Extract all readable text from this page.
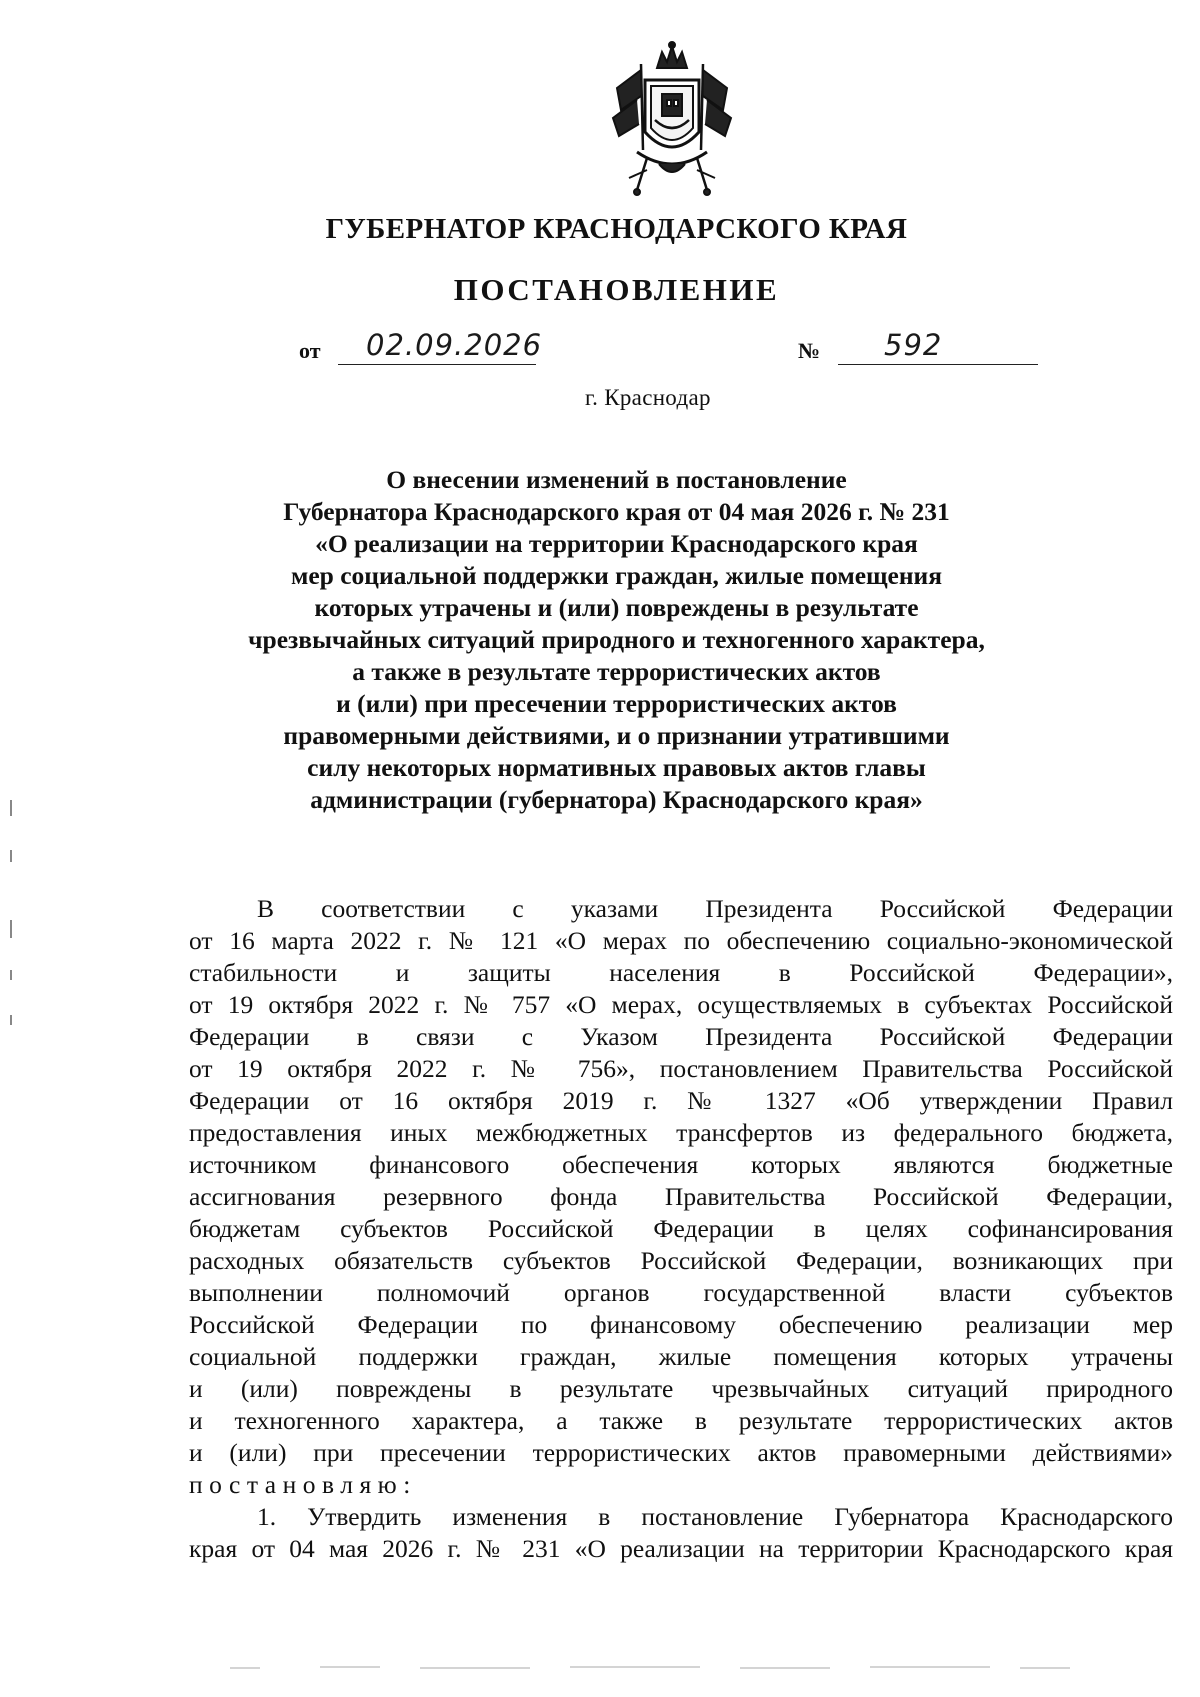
ГУБЕРНАТОР КРАСНОДАРСКОГО КРАЯ
ПОСТАНОВЛЕНИЕ
от 02.09.2026	№ 592
г. Краснодар
О внесении изменений в постановление
Губернатора Краснодарского края от 04 мая 2026 г. № 231
«О реализации на территории Краснодарского края
мер социальной поддержки граждан, жилые помещения
которых утрачены и (или) повреждены в результате
чрезвычайных ситуаций природного и техногенного характера,
а также в результате террористических актов
и (или) при пресечении террористических актов
правомерными действиями, и о признании утратившими
силу некоторых нормативных правовых актов главы
администрации (губернатора) Краснодарского края»
В соответствии с указами Президента Российской Федерации
от 16 марта 2022 г. № 121 «О мерах по обеспечению социально-экономической
стабильности и защиты населения в Российской Федерации»,
от 19 октября 2022 г. № 757 «О мерах, осуществляемых в субъектах Российской
Федерации в связи с Указом Президента Российской Федерации
от 19 октября 2022 г. № 756», постановлением Правительства Российской
Федерации от 16 октября 2019 г. № 1327 «Об утверждении Правил
предоставления иных межбюджетных трансфертов из федерального бюджета,
источником финансового обеспечения которых являются бюджетные
ассигнования резервного фонда Правительства Российской Федерации,
бюджетам субъектов Российской Федерации в целях софинансирования
расходных обязательств субъектов Российской Федерации, возникающих при
выполнении полномочий органов государственной власти субъектов
Российской Федерации по финансовому обеспечению реализации мер
социальной поддержки граждан, жилые помещения которых утрачены
и (или) повреждены в результате чрезвычайных ситуаций природного
и техногенного характера, а также в результате террористических актов
и (или) при пресечении террористических актов правомерными действиями»
постановляю:
1. Утвердить изменения в постановление Губернатора Краснодарского
края от 04 мая 2026 г. № 231 «О реализации на территории Краснодарского края
